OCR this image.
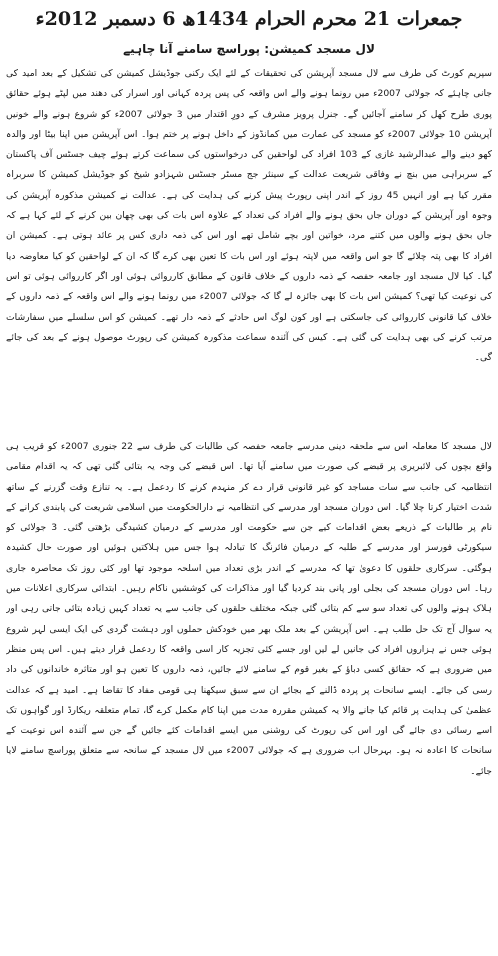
جمعرات 21 محرم الحرام 1434ھ 6 دسمبر 2012ء
لال مسجد کمیشن: پوراسچ سامنے آنا چاہیے

سپریم کورٹ کی طرف سے لال مسجد آپریشن کی تحقیقات کے لئے ایک رکنی جوڈیشل کمیشن کی تشکیل کے بعد امید کی جانی چاہئے کہ جولائی 2007ء میں رونما ہونے والے اس واقعہ کی پس پردہ کہانی اور اسرار کی دھند میں لپٹے ہوئے حقائق پوری طرح کھل کر سامنے آجائیں گے۔ جنرل پرویز مشرف کے دورِ اقتدار میں 3 جولائی 2007ء کو شروع ہونے والے خونیں آپریشن 10 جولائی 2007ء کو مسجد کی عمارت میں کمانڈوز کے داخل ہونے پر ختم ہوا۔ اس آپریشن میں اپنا بیٹا اور والدہ کھو دینے والے عبدالرشید غازی کے 103 افراد کی لواحقین کی درخواستوں کی سماعت کرتے ہوئے چیف جسٹس آف پاکستان کے سربراہی میں بنچ نے وفاقی شریعت عدالت کے سینئر جج مسٹر جسٹس شہزادو شیخ کو جوڈیشل کمیشن کا سربراہ مقرر کیا ہے اور انہیں 45 روز کے اندر اپنی رپورٹ پیش کرنے کی ہدایت کی ہے۔ عدالت نے کمیشن مذکورہ آپریشن کی وجوہ اور آپریشن کے دوران جاں بحق ہونے والے افراد کی تعداد کے علاوہ اس بات کی بھی چھان بین کرنے کے لئے کہا ہے کہ جاں بحق ہونے والوں میں کتنے مرد، خواتین اور بچے شامل تھے اور اس کی ذمہ داری کس پر عائد ہوتی ہے۔ کمیشن ان افراد کا بھی پتہ چلائے گا جو اس واقعہ میں لاپتہ ہوئے اور اس بات کا تعین بھی کرے گا کہ ان کے لواحقین کو کیا معاوضہ دیا گیا۔ کیا لال مسجد اور جامعہ حفصہ کے ذمہ داروں کے خلاف قانون کے مطابق کارروائی ہوئی اور اگر کارروائی ہوئی تو اس کی نوعیت کیا تھی؟ کمیشن اس بات کا بھی جائزہ لے گا کہ جولائی 2007ء میں رونما ہونے والے اس واقعہ کے ذمہ داروں کے خلاف کیا قانونی کارروائی کی جاسکتی ہے اور کون لوگ اس حادثے کے ذمہ دار تھے۔ کمیشن کو اس سلسلے میں سفارشات مرتب کرنے کی بھی ہدایت کی گئی ہے۔ کیس کی آئندہ سماعت مذکورہ کمیشن کی رپورٹ موصول ہونے کے بعد کی جائے گی۔

لال مسجد کا معاملہ اس سے ملحقہ دینی مدرسے جامعہ حفصہ کی طالبات کی طرف سے 22 جنوری 2007ء کو قریب ہی واقع بچوں کی لائبریری پر قبضے کی صورت میں سامنے آیا تھا۔ اس قبضے کی وجہ یہ بتائی گئی تھی کہ یہ اقدام مقامی انتظامیہ کی جانب سے سات مساجد کو غیر قانونی قرار دے کر منہدم کرنے کا ردعمل ہے۔ یہ تنازع وقت گزرنے کے ساتھ شدت اختیار کرتا چلا گیا۔ اس دوران مسجد اور مدرسے کی انتظامیہ نے دارالحکومت میں اسلامی شریعت کی پابندی کرانے کے نام پر طالبات کے ذریعے بعض اقدامات کیے جن سے حکومت اور مدرسے کے درمیان کشیدگی بڑھتی گئی۔ 3 جولائی کو سیکورٹی فورسز اور مدرسے کے طلبہ کے درمیان فائرنگ کا تبادلہ ہوا جس میں ہلاکتیں ہوئیں اور صورت حال کشیدہ ہوگئی۔ سرکاری حلقوں کا دعویٰ تھا کہ مدرسے کے اندر بڑی تعداد میں اسلحہ موجود تھا اور کئی روز تک محاصرہ جاری رہا۔ اس دوران مسجد کی بجلی اور پانی بند کردیا گیا اور مذاکرات کی کوششیں ناکام رہیں۔ ابتدائی سرکاری اعلانات میں ہلاک ہونے والوں کی تعداد سو سے کم بتائی گئی جبکہ مختلف حلقوں کی جانب سے یہ تعداد کہیں زیادہ بتائی جاتی رہی اور یہ سوال آج تک حل طلب ہے۔ اس آپریشن کے بعد ملک بھر میں خودکش حملوں اور دہشت گردی کی ایک ایسی لہر شروع ہوئی جس نے ہزاروں افراد کی جانیں لے لیں اور جسے کئی تجزیہ کار اسی واقعہ کا ردعمل قرار دیتے ہیں۔ اس پس منظر میں ضروری ہے کہ حقائق کسی دباؤ کے بغیر قوم کے سامنے لائے جائیں، ذمہ داروں کا تعین ہو اور متاثرہ خاندانوں کی داد رسی کی جائے۔ ایسے سانحات پر پردہ ڈالنے کے بجائے ان سے سبق سیکھنا ہی قومی مفاد کا تقاضا ہے۔ امید ہے کہ عدالت عظمیٰ کی ہدایت پر قائم کیا جانے والا یہ کمیشن مقررہ مدت میں اپنا کام مکمل کرے گا، تمام متعلقہ ریکارڈ اور گواہوں تک اسے رسائی دی جائے گی اور اس کی رپورٹ کی روشنی میں ایسے اقدامات کئے جائیں گے جن سے آئندہ اس نوعیت کے سانحات کا اعادہ نہ ہو۔ بہرحال اب ضروری ہے کہ جولائی 2007ء میں لال مسجد کے سانحہ سے متعلق پوراسچ سامنے لایا جائے۔
